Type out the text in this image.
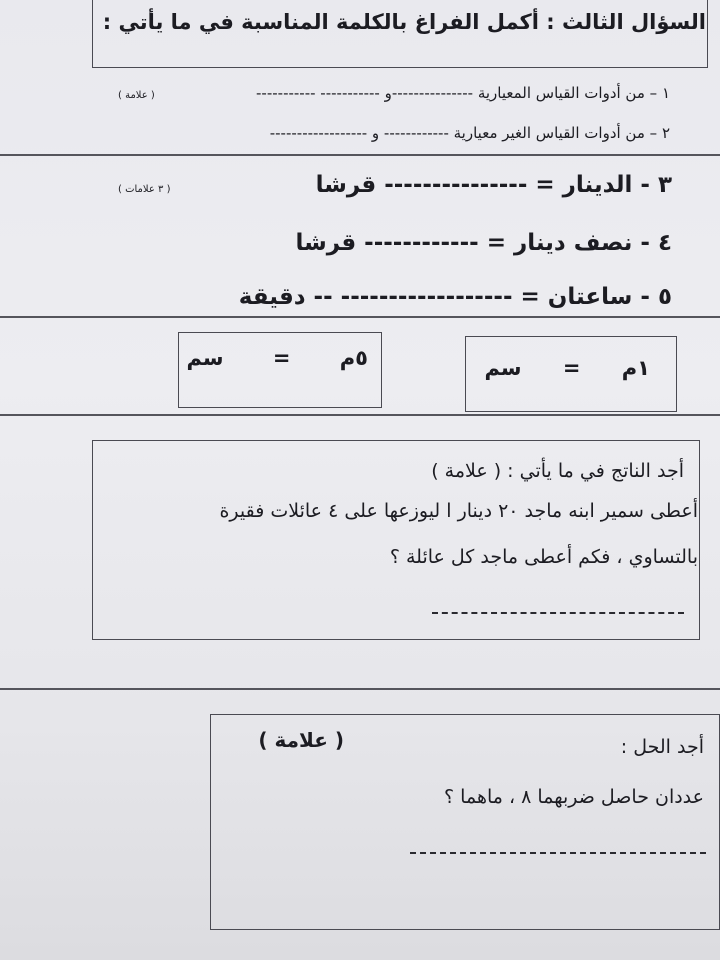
السؤال الثالث : أكمل الفراغ بالكلمة المناسبة في ما يأتي :
١ – من أدوات القياس المعيارية ---------------و ----------- -----------
( علامة )
٢ – من أدوات القياس الغير معيارية ------------ و ------------------
٣ - الدينار = --------------- قرشا
( ٣ علامات )
٤ - نصف دينار = ------------ قرشا
٥ - ساعتان = ------------------ -- دقيقة
١م = سم
٥م = سم
أجد الناتج في ما يأتي : ( علامة )
أعطى سمير ابنه ماجد ٢٠ دينار ا ليوزعها على ٤ عائلات فقيرة
بالتساوي ، فكم أعطى ماجد كل عائلة ؟
أجد الحل :
( علامة )
عددان حاصل ضربهما ٨ ، ماهما ؟
